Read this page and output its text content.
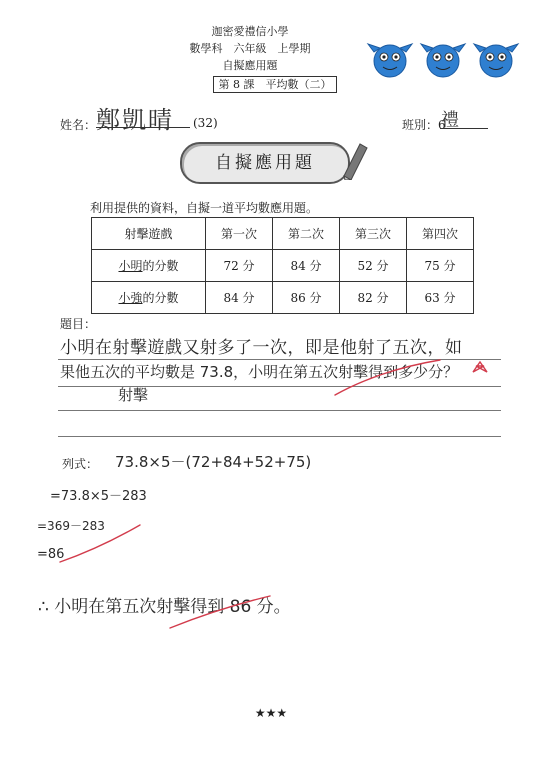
迦密愛禮信小學
數學科　六年級　上學期
自擬應用題
第 8 課　平均數（二）
姓名： 鄭凱晴 (32)	班別：6
禮
自擬應用題
利用提供的資料，自擬一道平均數應用題。
射擊遊戲	第一次	第二次	第三次	第四次
小明的分數	72 分	84 分	52 分	75 分
小強的分數	84 分	86 分	82 分	63 分
題目：
小明在射擊遊戲又射多了一次，即是他射了五次，如
果他五次的平均數是 73.8，小明在第五次射擊得到多少分？
射擊
列式： 73.8×5－(72+84+52+75)
=73.8×5－283
=369－283
=86
∴ 小明在第五次射擊得到 86 分。
★★★
